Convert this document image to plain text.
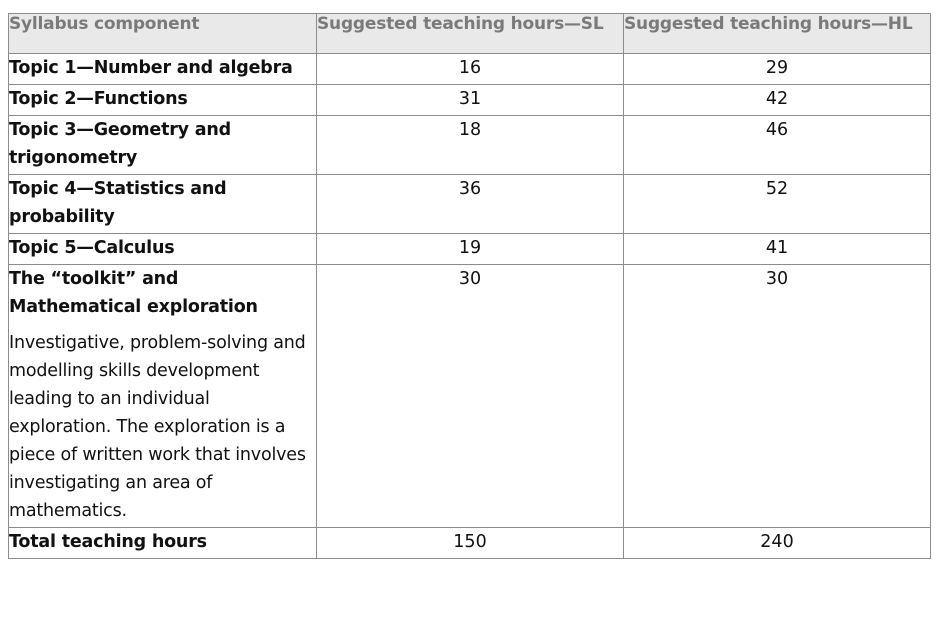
Syllabus component	Suggested teaching hours—SL	Suggested teaching hours—HL
Topic 1—Number and algebra	16	29
Topic 2—Functions	31	42
Topic 3—Geometry and trigonometry	18	46
Topic 4—Statistics and probability	36	52
Topic 5—Calculus	19	41

The “toolkit” and Mathematical exploration
Investigative, problem-solving and modelling skills development leading to an individual exploration. The exploration is a piece of written work that involves investigating an area of mathematics.	30	30
Total teaching hours	150	240
